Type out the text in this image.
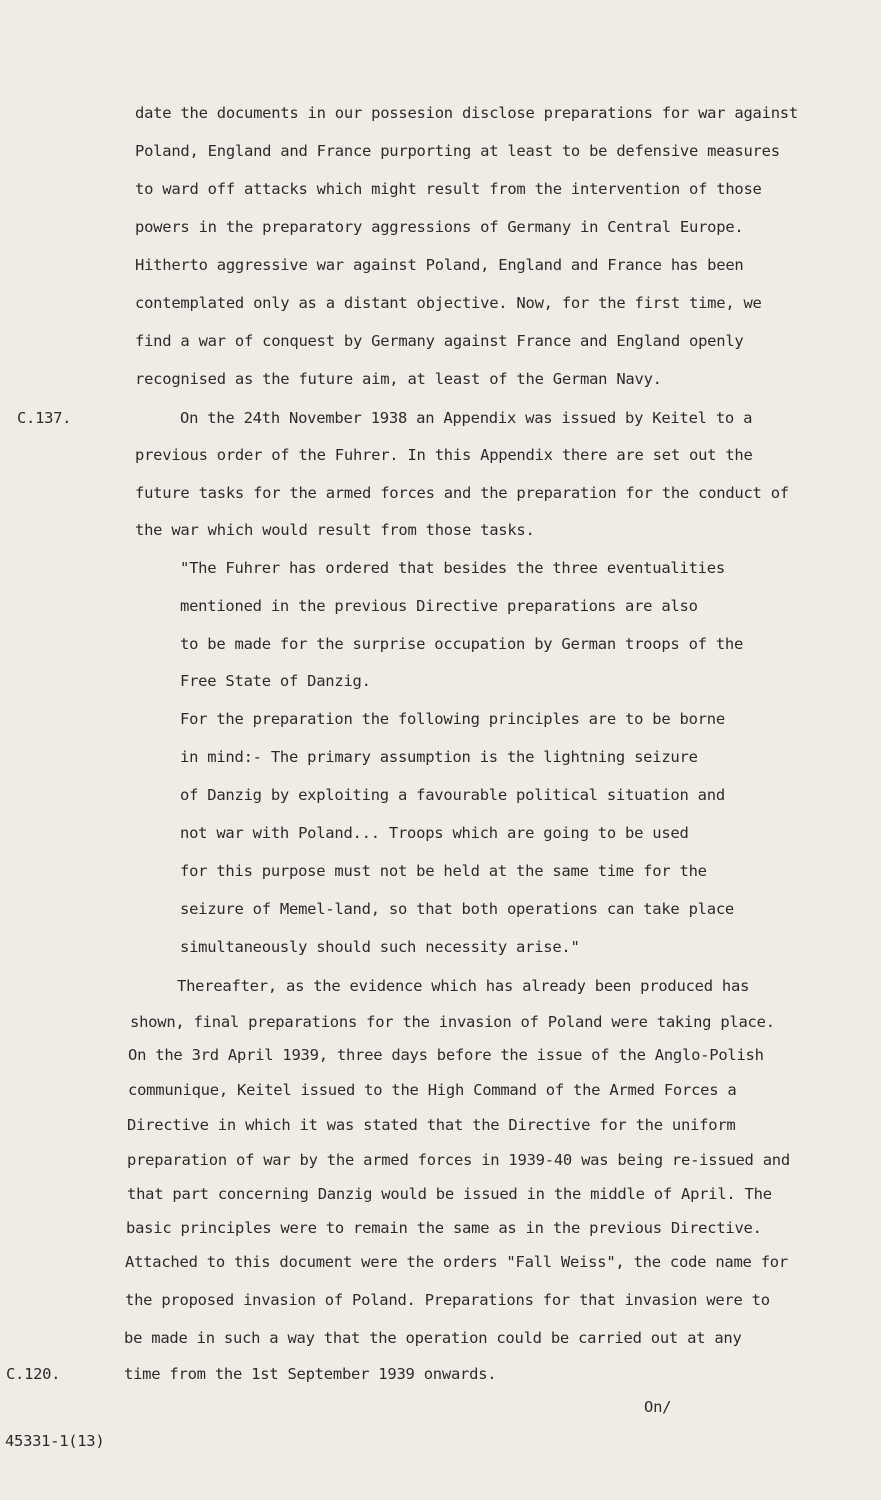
date the documents in our possesion disclose preparations for war against
Poland, England and France purporting at least to be defensive measures
to ward off attacks which might result from the intervention of those
powers in the preparatory aggressions of Germany in Central Europe.
Hitherto aggressive war against Poland, England and France has been
contemplated only as a distant objective. Now, for the first time, we
find a war of conquest by Germany against France and England openly
recognised as the future aim, at least of the German Navy.
C.137.	On the 24th November 1938 an Appendix was issued by Keitel to a
previous order of the Fuhrer. In this Appendix there are set out the
future tasks for the armed forces and the preparation for the conduct of
the war which would result from those tasks.
"The Fuhrer has ordered that besides the three eventualities
mentioned in the previous Directive preparations are also
to be made for the surprise occupation by German troops of the
Free State of Danzig.
For the preparation the following principles are to be borne
in mind:- The primary assumption is the lightning seizure
of Danzig by exploiting a favourable political situation and
not war with Poland... Troops which are going to be used
for this purpose must not be held at the same time for the
seizure of Memel-land, so that both operations can take place
simultaneously should such necessity arise."
Thereafter, as the evidence which has already been produced has
shown, final preparations for the invasion of Poland were taking place.
On the 3rd April 1939, three days before the issue of the Anglo-Polish
communique, Keitel issued to the High Command of the Armed Forces a
Directive in which it was stated that the Directive for the uniform
preparation of war by the armed forces in 1939-40 was being re-issued and
that part concerning Danzig would be issued in the middle of April. The
basic principles were to remain the same as in the previous Directive.
Attached to this document were the orders "Fall Weiss", the code name for
the proposed invasion of Poland. Preparations for that invasion were to
be made in such a way that the operation could be carried out at any
time from the 1st September 1939 onwards.
C.120.
On/
45331-1(13)
